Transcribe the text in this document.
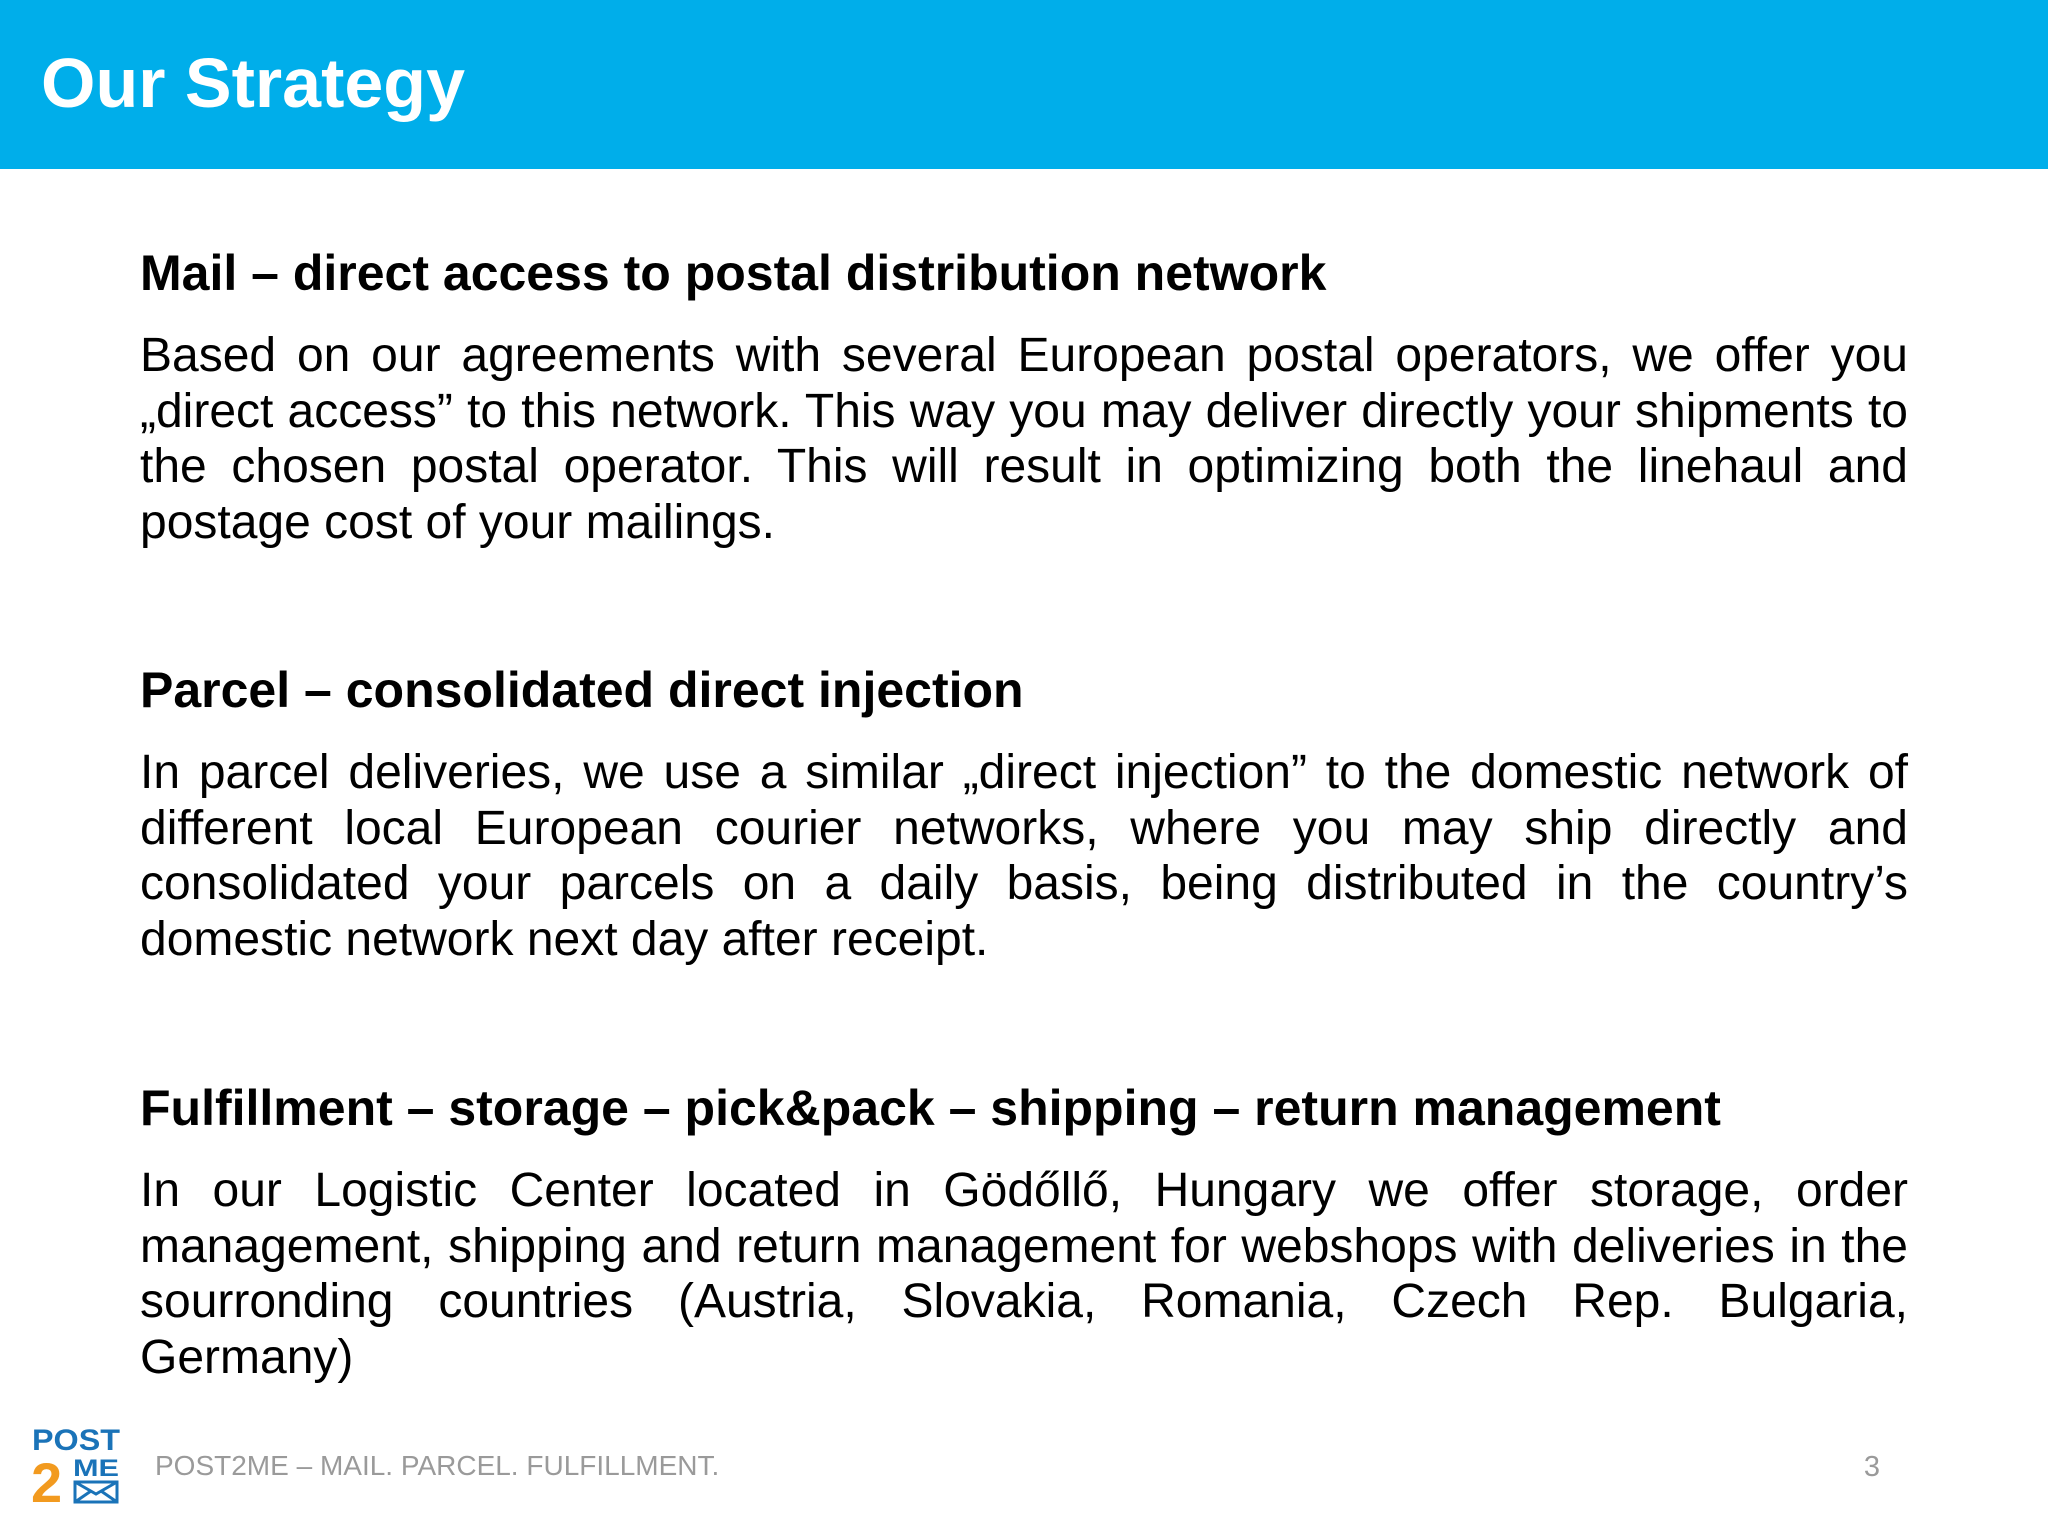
Our Strategy
Mail – direct access to postal distribution network

Based on our agreements with several European postal operators, we offer you „direct access” to this network. This way you may deliver directly your shipments to the chosen postal operator. This will result in optimizing both the linehaul and postage cost of your mailings.

Parcel – consolidated direct injection

In parcel deliveries, we use a similar „direct injection” to the domestic network of different local European courier networks, where you may ship directly and consolidated your parcels on a daily basis, being distributed in the country’s domestic network next day after receipt.

Fulfillment – storage – pick&pack – shipping – return management

In our Logistic Center located in Gödőllő, Hungary we offer storage, order management, shipping and return management for webshops with deliveries in the sourronding countries (Austria, Slovakia, Romania, Czech Rep. Bulgaria, Germany)

POST
2 ME POST2ME – MAIL. PARCEL. FULFILLMENT.	3
